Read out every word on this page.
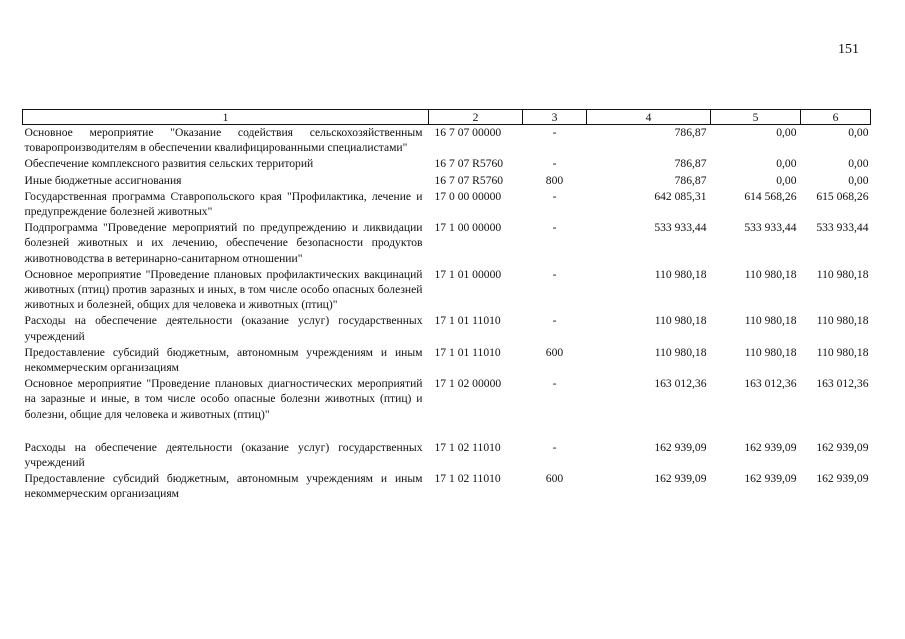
151
1	2	3	4	5	6
Основное мероприятие "Оказание содействия сельскохозяйственным товаропроизводителям в обеспечении квалифицированными специалистами"	16 7 07 00000	-	786,87	0,00	0,00
Обеспечение комплексного развития сельских территорий	16 7 07 R5760	-	786,87	0,00	0,00
Иные бюджетные ассигнования	16 7 07 R5760	800	786,87	0,00	0,00
Государственная программа Ставропольского края "Профилактика, лечение и предупреждение болезней животных"	17 0 00 00000	-	642 085,31	614 568,26	615 068,26
Подпрограмма "Проведение мероприятий по предупреждению и ликвидации болезней животных и их лечению, обеспечение безопасности продуктов животноводства в ветеринарно-санитарном отношении"	17 1 00 00000	-	533 933,44	533 933,44	533 933,44
Основное мероприятие "Проведение плановых профилактических вакцинаций животных (птиц) против заразных и иных, в том числе особо опасных болезней животных и болезней, общих для человека и животных (птиц)"	17 1 01 00000	-	110 980,18	110 980,18	110 980,18
Расходы на обеспечение деятельности (оказание услуг) государственных учреждений	17 1 01 11010	-	110 980,18	110 980,18	110 980,18
Предоставление субсидий бюджетным, автономным учреждениям и иным некоммерческим организациям	17 1 01 11010	600	110 980,18	110 980,18	110 980,18
Основное мероприятие "Проведение плановых диагностических мероприятий на заразные и иные, в том числе особо опасные болезни животных (птиц) и болезни, общие для человека и животных (птиц)"	17 1 02 00000	-	163 012,36	163 012,36	163 012,36
Расходы на обеспечение деятельности (оказание услуг) государственных учреждений	17 1 02 11010	-	162 939,09	162 939,09	162 939,09
Предоставление субсидий бюджетным, автономным учреждениям и иным некоммерческим организациям	17 1 02 11010	600	162 939,09	162 939,09	162 939,09
